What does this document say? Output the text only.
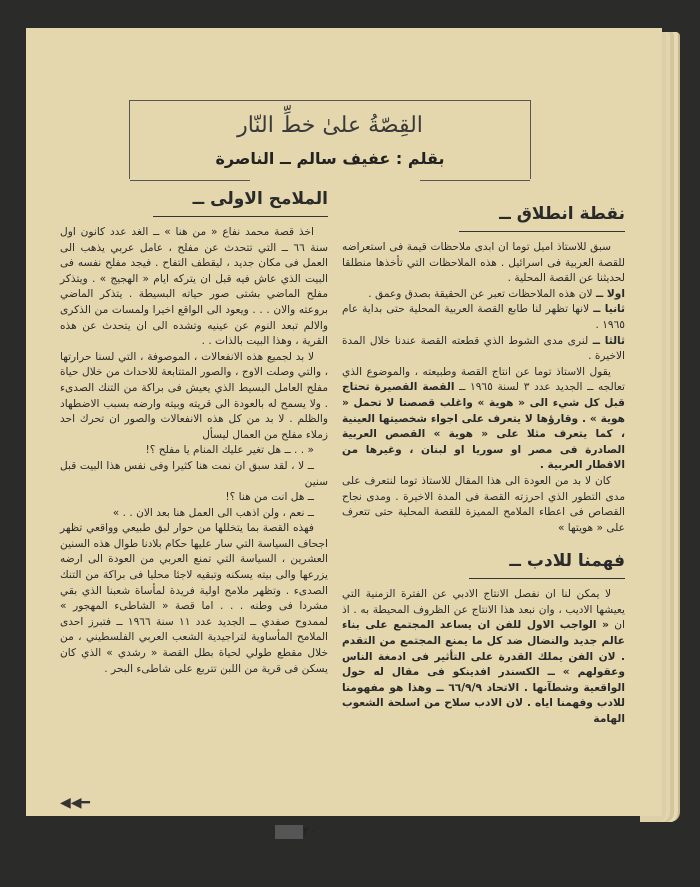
القِصّةُ علىٰ خطِّ النّار
بقلم : عفيف سالم ــ الناصرة
نقطة انطلاق ــ

سبق للاستاذ اميل توما ان ابدى ملاحظات قيمة فى استعراضه للقصة العربية فى اسرائيل . هذه الملاحظات التي تأخذها منطلقا لحديثنا عن القصة المحلية .

اولا ــ لان هذه الملاحظات تعبر عن الحقيقة بصدق وعمق .

ثانيا ــ لانها تظهر لنا طابع القصة العربية المحلية حتى بداية عام ١٩٦٥ .

ثالثا ــ لنرى مدى الشوط الذي قطعته القصة عندنا خلال المدة الاخيرة .

يقول الاستاذ توما عن انتاج القصة وطبيعته ، والموضوع الذي تعالجه ــ الجديد عدد ٣ لسنة ١٩٦٥ ــ القصة القصيرة تحتاج قبل كل شيء الى « هوية » واغلب قصصنا لا تحمل « هوية » . وقارؤها لا يتعرف على اجواء شخصيتها العينية ، كما يتعرف مثلا على « هوية » القصص العربية الصادرة فى مصر او سوريا او لبنان ، وغيرها من الاقطار العربية .

كان لا بد من العودة الى هذا المقال للاستاذ توما لنتعرف على مدى التطور الذي احرزته القصة فى المدة الاخيرة . ومدى نجاح القصاص فى اعطاء الملامح المميزة للقصة المحلية حتى تتعرف على « هويتها »

فهمنا للادب ــ

لا يمكن لنا ان نفصل الانتاج الادبي عن الفترة الزمنية التي يعيشها الاديب ، وان نبعد هذا الانتاج عن الظروف المحيطة به . اذ ان « الواجب الاول للفن ان يساعد المجتمع على بناء عالم جديد والنضال ضد كل ما يمنع المجتمع من التقدم . لان الفن يملك القدرة على التأثير فى ادمغة الناس وعقولهم » ــ الكسندر افدينكو فى مقال له حول الواقعية وشطآنها . الاتحاد ٦٦/٩/٩ ــ وهذا هو مفهومنا للادب وفهمنا اياه . لان الادب سلاح من اسلحة الشعوب الهامة

الملامح الاولى ــ

اخذ قصة محمد نفاع « من هنا » ــ الغد عدد كانون اول سنة ٦٦ ــ التي تتحدث عن مفلح ، عامل عربي يذهب الى العمل فى مكان جديد ، ليقطف التفاح . فيجد مفلح نفسه فى البيت الذي عاش فيه قبل ان يتركه ايام « الهجيج » . ويتذكر مفلح الماضي بشتى صور حياته البسيطة . يتذكر الماضي بروعته والان . . . ويعود الى الواقع اخيرا ولمسات من الذكرى والالم تبعد النوم عن عينيه وتشده الى ان يتحدث عن هذه القرية ، وهذا البيت بالذات . .

لا بد لجميع هذه الانفعالات ، الموصوفة ، التي لسنا حرارتها ، والتي وصلت الاوج ، والصور المتتابعة للاحداث من خلال حياة مفلح العامل البسيط الذي يعيش فى براكة من التنك الصدىء . ولا يسمح له بالعودة الى قريته وبيته وارضه بسبب الاضطهاد والظلم . لا بد من كل هذه الانفعالات والصور ان تحرك احد زملاء مفلح من العمال ليسأل

« . . ــ هل تغير عليك المنام يا مفلح ؟!

ــ لا ، لقد سبق ان نمت هنا كثيرا وفى نفس هذا البيت قبل سنين

ــ هل انت من هنا ؟!

ــ نعم ، ولن اذهب الى العمل هنا بعد الان . . »

فهذه القصة بما يتخللها من حوار لبق طبيعي وواقعي تظهر اجحاف السياسة التي سار عليها حكام بلادنا طوال هذه السنين العشرين ، السياسة التي تمنع العربي من العودة الى ارضه يزرعها والى بيته يسكنه وتبقيه لاجئا محليا فى براكة من التنك الصدىء . وتظهر ملامح اولية فريدة لمأساة شعبنا الذي بقي مشردا فى وطنه . . . اما قصة « الشاطىء المهجور » لممدوح صفدي ــ الجديد عدد ١١ سنة ١٩٦٦ ــ فتبرز احدى الملامح المأساوية لتراجيدية الشعب العربي الفلسطيني ، من خلال مقطع طولي لحياة بطل القصة « رشدي » الذي كان يسكن فى قرية من اللبن تتربع على شاطىء البحر .

◀◀━
٢٠
